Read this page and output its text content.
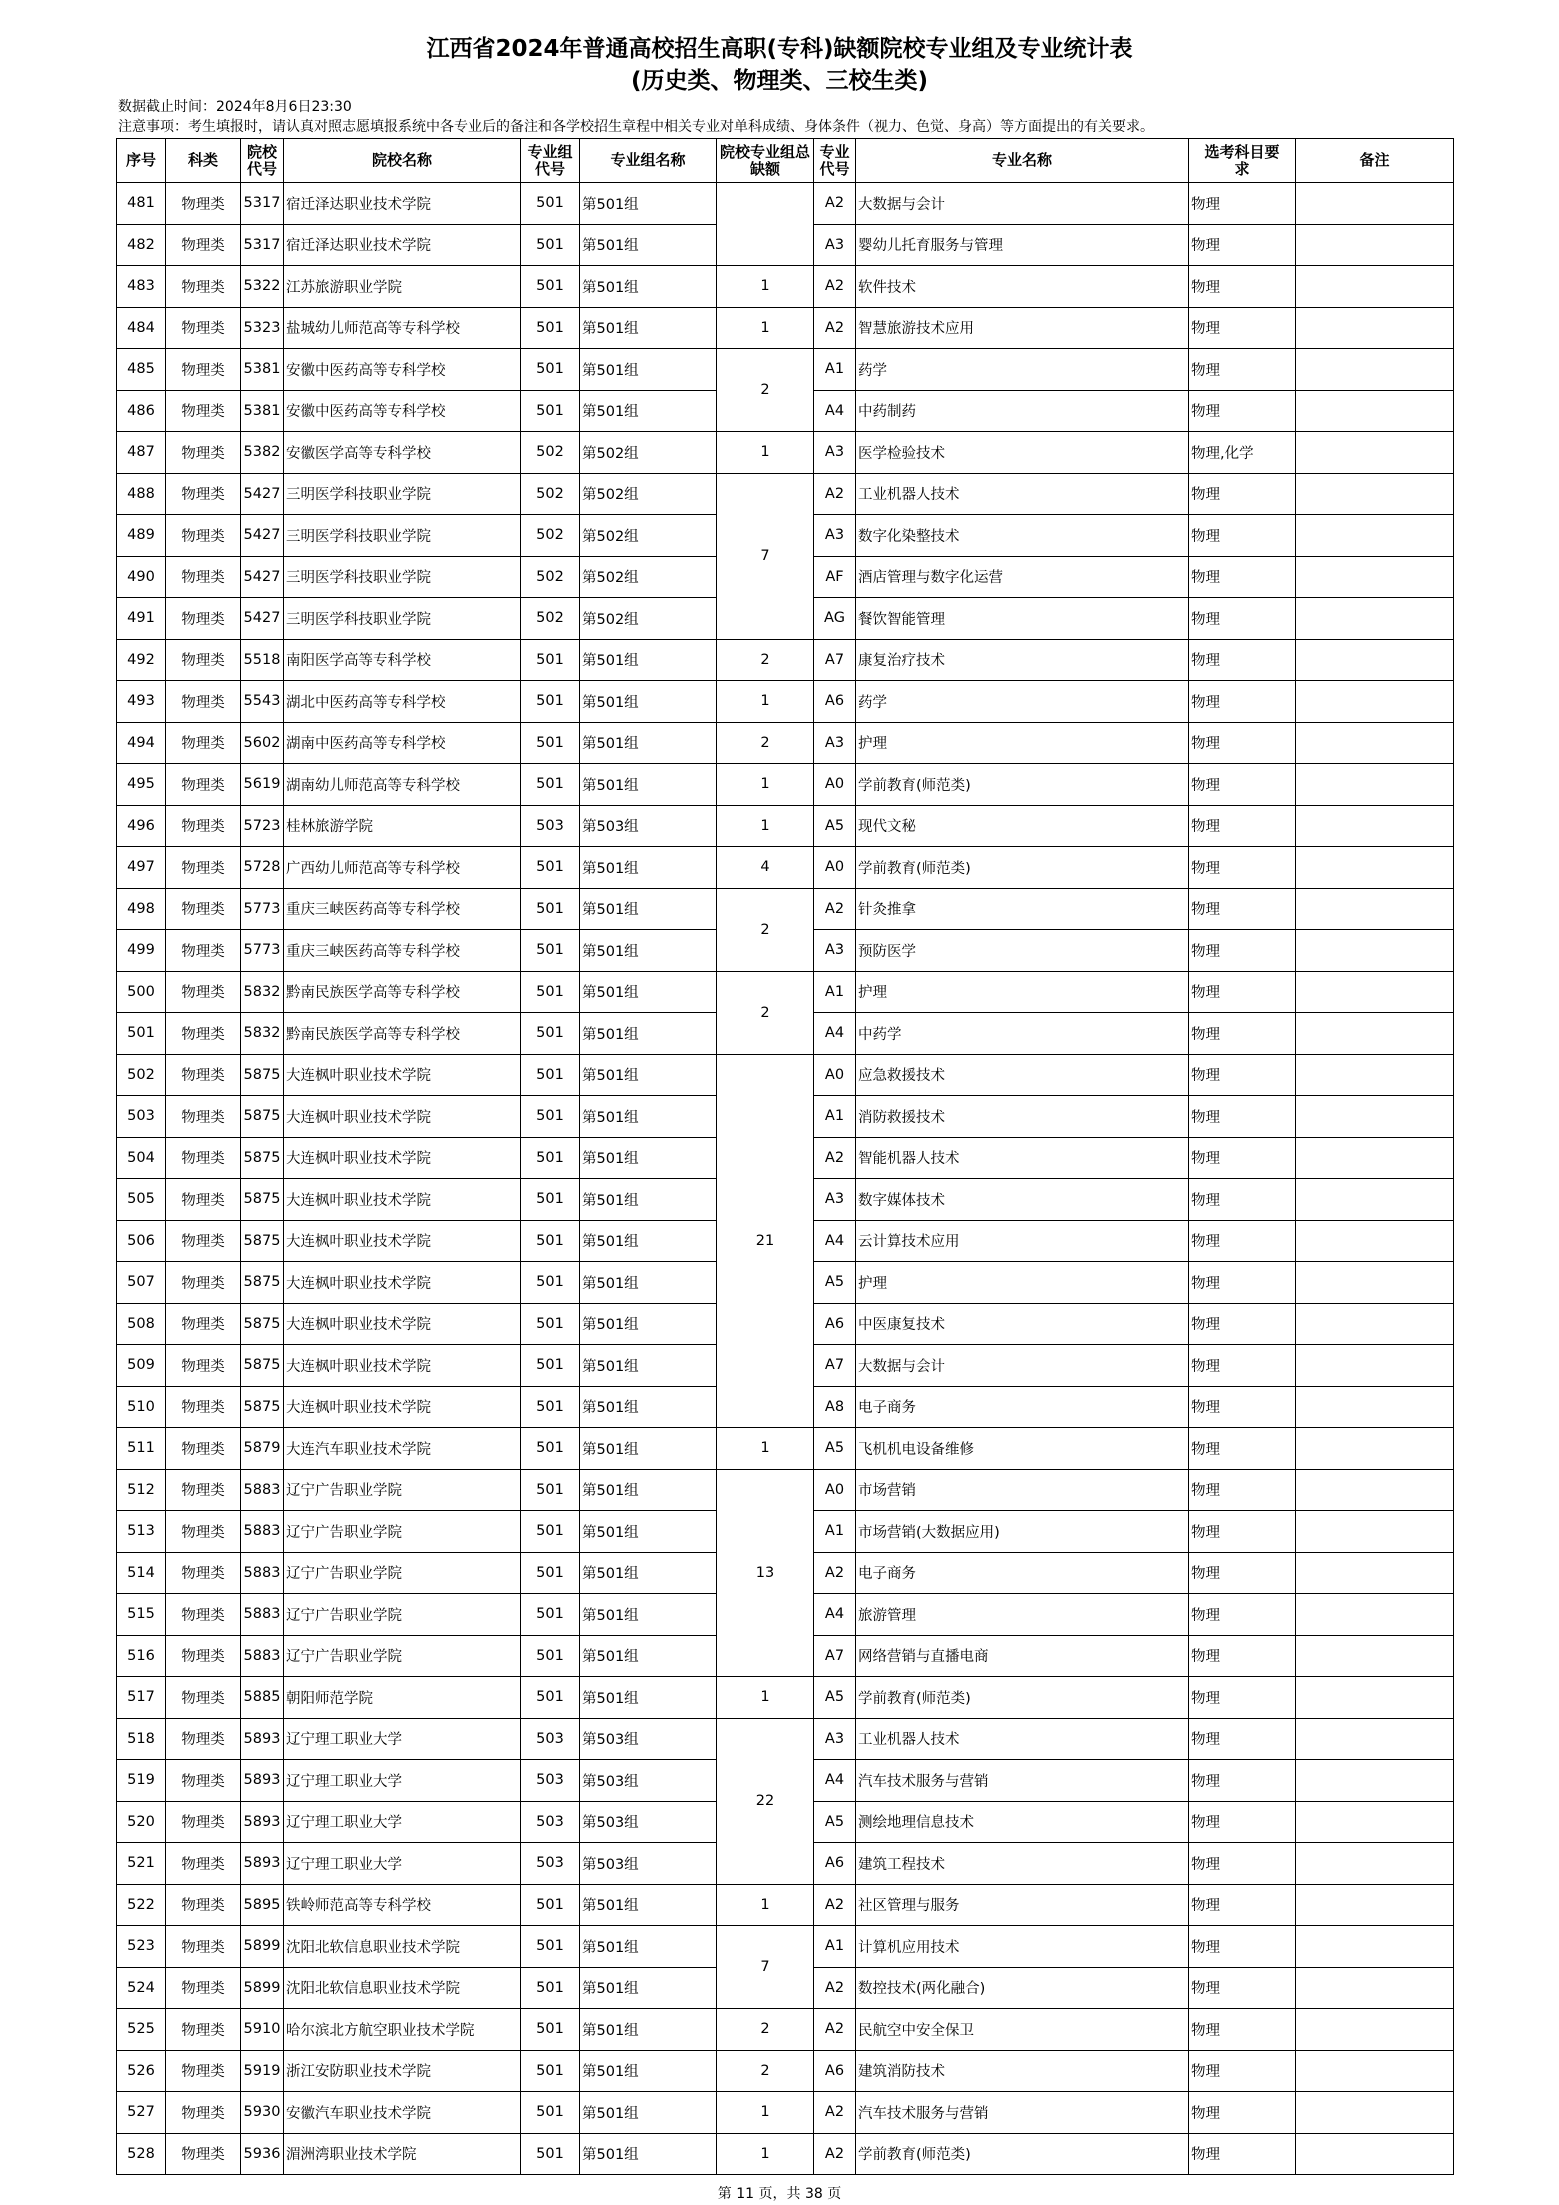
江西省2024年普通高校招生高职(专科)缺额院校专业组及专业统计表
(历史类、物理类、三校生类)
数据截止时间：2024年8月6日23:30
注意事项：考生填报时，请认真对照志愿填报系统中各专业后的备注和各学校招生章程中相关专业对单科成绩、身体条件（视力、色觉、身高）等方面提出的有关要求。
序号	科类	院校代号	院校名称	专业组代号	专业组名称	院校专业组总缺额	专业代号	专业名称	选考科目要求	备注
481	物理类	5317	宿迁泽达职业技术学院	501	第501组		A2	大数据与会计	物理	
482	物理类	5317	宿迁泽达职业技术学院	501	第501组		A3	婴幼儿托育服务与管理	物理	
483	物理类	5322	江苏旅游职业学院	501	第501组	1	A2	软件技术	物理	
484	物理类	5323	盐城幼儿师范高等专科学校	501	第501组	1	A2	智慧旅游技术应用	物理	
485	物理类	5381	安徽中医药高等专科学校	501	第501组	2	A1	药学	物理	
486	物理类	5381	安徽中医药高等专科学校	501	第501组		A4	中药制药	物理	
487	物理类	5382	安徽医学高等专科学校	502	第502组	1	A3	医学检验技术	物理,化学	
488	物理类	5427	三明医学科技职业学院	502	第502组	7	A2	工业机器人技术	物理	
489	物理类	5427	三明医学科技职业学院	502	第502组		A3	数字化染整技术	物理	
490	物理类	5427	三明医学科技职业学院	502	第502组		AF	酒店管理与数字化运营	物理	
491	物理类	5427	三明医学科技职业学院	502	第502组		AG	餐饮智能管理	物理	
492	物理类	5518	南阳医学高等专科学校	501	第501组	2	A7	康复治疗技术	物理	
493	物理类	5543	湖北中医药高等专科学校	501	第501组	1	A6	药学	物理	
494	物理类	5602	湖南中医药高等专科学校	501	第501组	2	A3	护理	物理	
495	物理类	5619	湖南幼儿师范高等专科学校	501	第501组	1	A0	学前教育(师范类)	物理	
496	物理类	5723	桂林旅游学院	503	第503组	1	A5	现代文秘	物理	
497	物理类	5728	广西幼儿师范高等专科学校	501	第501组	4	A0	学前教育(师范类)	物理	
498	物理类	5773	重庆三峡医药高等专科学校	501	第501组	2	A2	针灸推拿	物理	
499	物理类	5773	重庆三峡医药高等专科学校	501	第501组		A3	预防医学	物理	
500	物理类	5832	黔南民族医学高等专科学校	501	第501组	2	A1	护理	物理	
501	物理类	5832	黔南民族医学高等专科学校	501	第501组		A4	中药学	物理	
502	物理类	5875	大连枫叶职业技术学院	501	第501组	21	A0	应急救援技术	物理	
503	物理类	5875	大连枫叶职业技术学院	501	第501组		A1	消防救援技术	物理	
504	物理类	5875	大连枫叶职业技术学院	501	第501组		A2	智能机器人技术	物理	
505	物理类	5875	大连枫叶职业技术学院	501	第501组		A3	数字媒体技术	物理	
506	物理类	5875	大连枫叶职业技术学院	501	第501组		A4	云计算技术应用	物理	
507	物理类	5875	大连枫叶职业技术学院	501	第501组		A5	护理	物理	
508	物理类	5875	大连枫叶职业技术学院	501	第501组		A6	中医康复技术	物理	
509	物理类	5875	大连枫叶职业技术学院	501	第501组		A7	大数据与会计	物理	
510	物理类	5875	大连枫叶职业技术学院	501	第501组		A8	电子商务	物理	
511	物理类	5879	大连汽车职业技术学院	501	第501组	1	A5	飞机机电设备维修	物理	
512	物理类	5883	辽宁广告职业学院	501	第501组	13	A0	市场营销	物理	
513	物理类	5883	辽宁广告职业学院	501	第501组		A1	市场营销(大数据应用)	物理	
514	物理类	5883	辽宁广告职业学院	501	第501组		A2	电子商务	物理	
515	物理类	5883	辽宁广告职业学院	501	第501组		A4	旅游管理	物理	
516	物理类	5883	辽宁广告职业学院	501	第501组		A7	网络营销与直播电商	物理	
517	物理类	5885	朝阳师范学院	501	第501组	1	A5	学前教育(师范类)	物理	
518	物理类	5893	辽宁理工职业大学	503	第503组	22	A3	工业机器人技术	物理	
519	物理类	5893	辽宁理工职业大学	503	第503组		A4	汽车技术服务与营销	物理	
520	物理类	5893	辽宁理工职业大学	503	第503组		A5	测绘地理信息技术	物理	
521	物理类	5893	辽宁理工职业大学	503	第503组		A6	建筑工程技术	物理	
522	物理类	5895	铁岭师范高等专科学校	501	第501组	1	A2	社区管理与服务	物理	
523	物理类	5899	沈阳北软信息职业技术学院	501	第501组	7	A1	计算机应用技术	物理	
524	物理类	5899	沈阳北软信息职业技术学院	501	第501组		A2	数控技术(两化融合)	物理	
525	物理类	5910	哈尔滨北方航空职业技术学院	501	第501组	2	A2	民航空中安全保卫	物理	
526	物理类	5919	浙江安防职业技术学院	501	第501组	2	A6	建筑消防技术	物理	
527	物理类	5930	安徽汽车职业技术学院	501	第501组	1	A2	汽车技术服务与营销	物理	
528	物理类	5936	湄洲湾职业技术学院	501	第501组	1	A2	学前教育(师范类)	物理	
第 11 页，共 38 页
